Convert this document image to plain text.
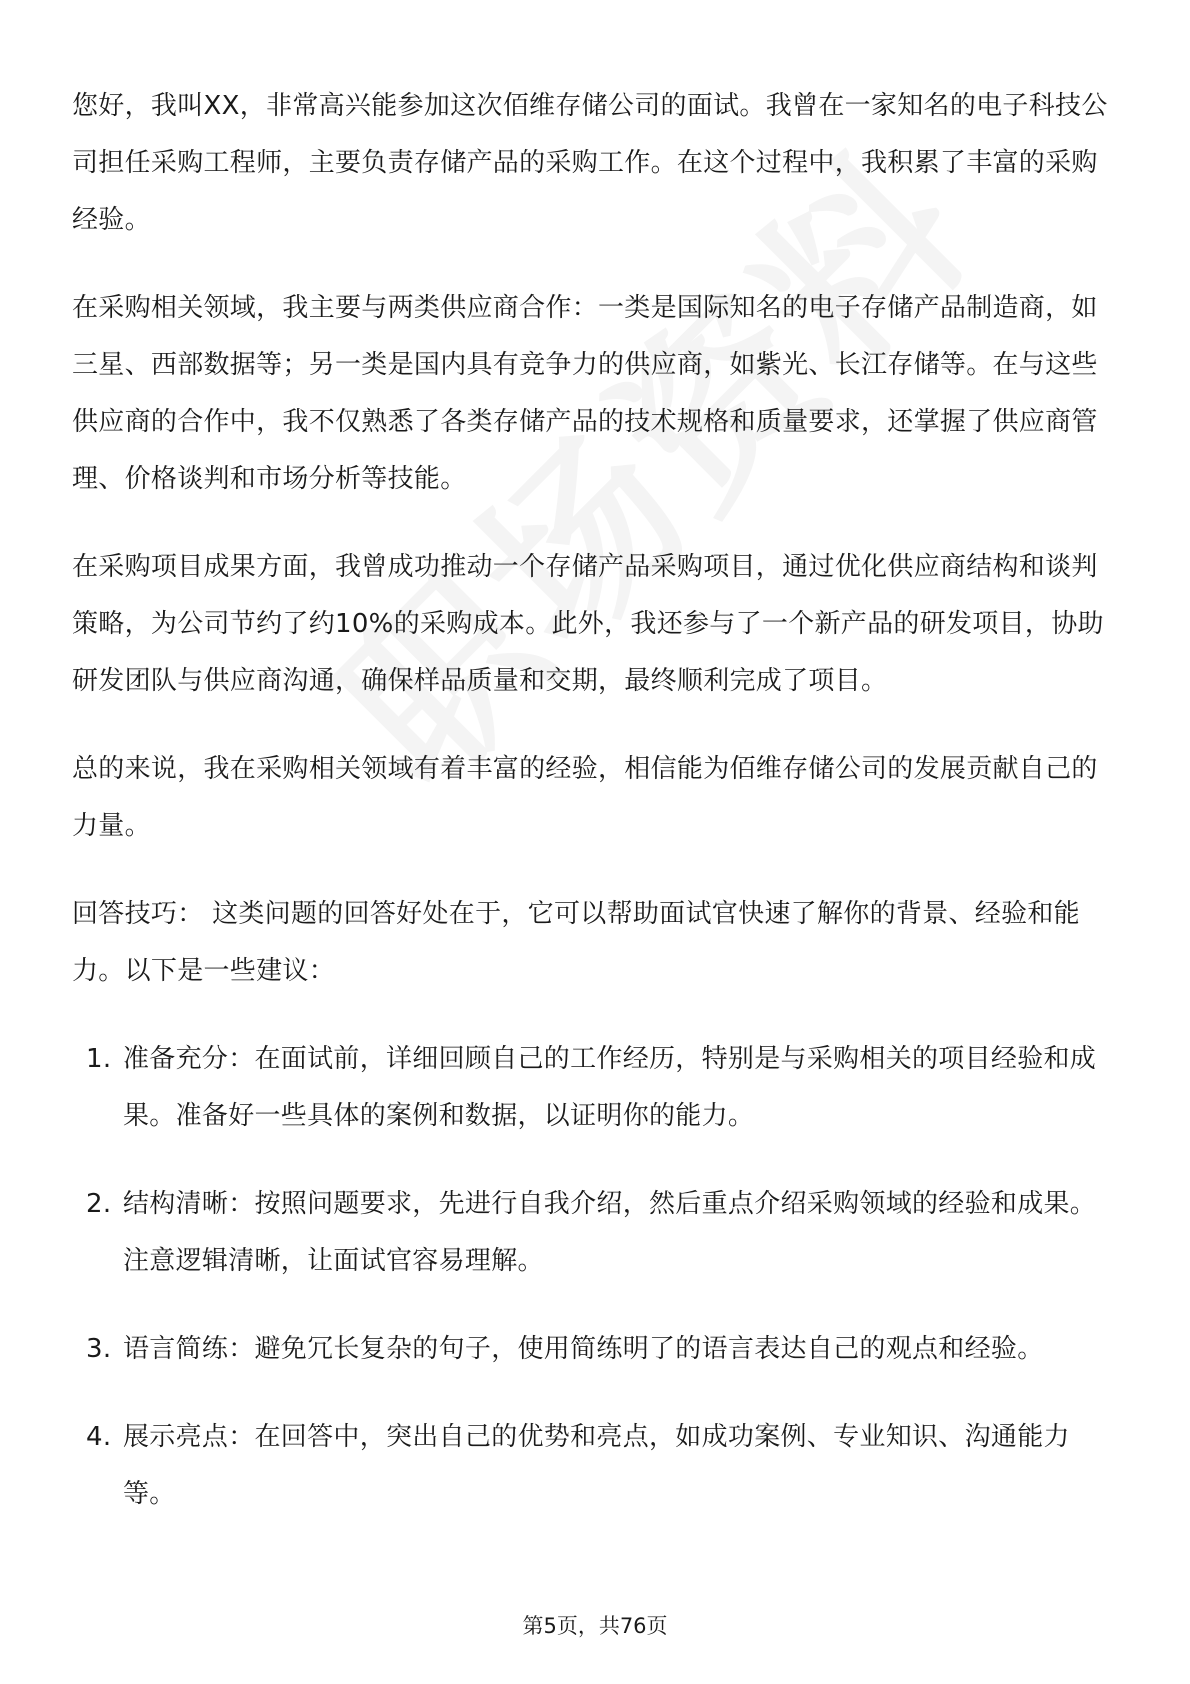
您好，我叫XX，非常高兴能参加这次佰维存储公司的面试。我曾在一家知名的电子科技公司担任采购工程师，主要负责存储产品的采购工作。在这个过程中，我积累了丰富的采购经验。

在采购相关领域，我主要与两类供应商合作：一类是国际知名的电子存储产品制造商，如三星、西部数据等；另一类是国内具有竞争力的供应商，如紫光、长江存储等。在与这些供应商的合作中，我不仅熟悉了各类存储产品的技术规格和质量要求，还掌握了供应商管理、价格谈判和市场分析等技能。

在采购项目成果方面，我曾成功推动一个存储产品采购项目，通过优化供应商结构和谈判策略，为公司节约了约10%的采购成本。此外，我还参与了一个新产品的研发项目，协助研发团队与供应商沟通，确保样品质量和交期，最终顺利完成了项目。

总的来说，我在采购相关领域有着丰富的经验，相信能为佰维存储公司的发展贡献自己的力量。

回答技巧： 这类问题的回答好处在于，它可以帮助面试官快速了解你的背景、经验和能力。以下是一些建议：

1. 准备充分：在面试前，详细回顾自己的工作经历，特别是与采购相关的项目经验和成果。准备好一些具体的案例和数据，以证明你的能力。
2. 结构清晰：按照问题要求，先进行自我介绍，然后重点介绍采购领域的经验和成果。注意逻辑清晰，让面试官容易理解。
3. 语言简练：避免冗长复杂的句子，使用简练明了的语言表达自己的观点和经验。
4. 展示亮点：在回答中，突出自己的优势和亮点，如成功案例、专业知识、沟通能力等。
第5页，共76页
